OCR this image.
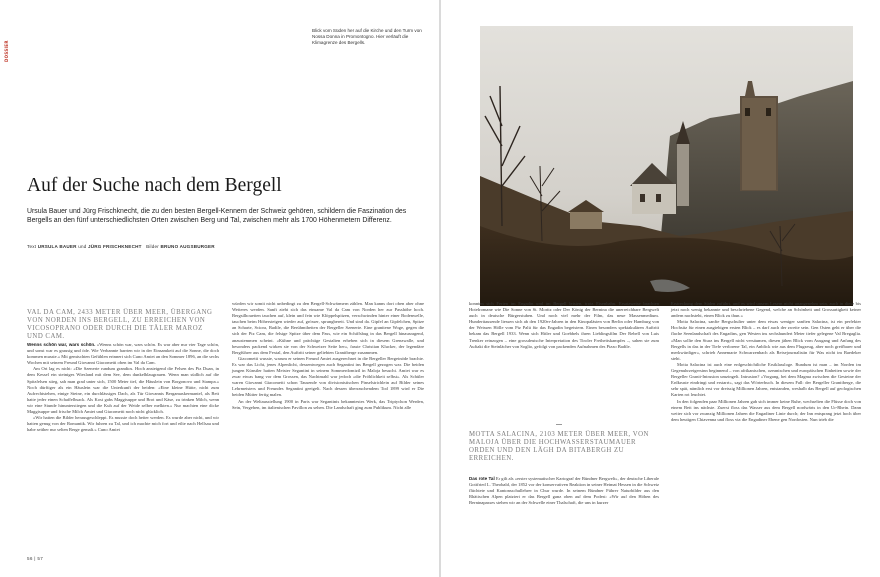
DOSSIER
Blick vom Süden her auf die Kirche und den Turm von Nossa Donna in Promontogno. Hier verläuft die Klimagrenze des Bergells.
Auf der Suche nach dem Bergell

Ursula Bauer und Jürg Frischknecht, die zu den besten Bergell-Kennern der Schweiz gehören, schildern die Faszination des Bergells an den fünf unterschiedlichsten Orten zwischen Berg und Tal, zwischen mehr als 1700 Höhenmetern Differenz.

Text URSULA BAUER und JÜRG FRISCHKNECHT Bilder BRUNO AUGSBURGER
VAL DA CAM, 2433 METER ÜBER MEER, ÜBERGANG VON NORDEN INS BERGELL, ZU ERREICHEN VON VICOSOPRANO ODER DURCH DIE TÄLER MAROZ UND CAM.

Wenns schön war, wars schön. «Wenns schön war, wars schön. Es war aber nur vier Tage schön, und sonst war es grausig und öde. Wie Verbannte harrten wir in der Einsamkeit auf die Sonne, die doch kommen musste.» Mit gemischten Gefühlen erinnert sich Cuno Amiet an den Sommer 1896, an die sechs Wochen mit seinem Freund Giovanni Giacometti oben im Val da Cam.

Am Ort lag es nicht: «Die Szenerie rundum grandios. Hoch ansteigend die Felsen des Piz Duan, in dem Kessel ein steiniges Wiesland mit dem See, dem dunkelblaugrauen. Wenn man südlich auf die Spitzfelsen stieg, sah man grad unter sich, 1500 Meter tief, die Häuslein von Borgonovo und Stampa.» Noch dürftiger als ein Häuslein war die Unterkunft der beiden: «Eine kleine Hütte, nicht zum Aufrechtstehen, einige Steine, ein durchlässiges Dach, als Tür Giovannis Bergamaskermantel, als Bett hatte jeder einen Schaffelbsack. Als Kost gabs Maggisuppe und Brot und Käse, zu trinken Milch, wenn wir eine Stunde hinunterstiegen und die Kuh auf der Weide selber melkten.» Nur machten eine dicke Maggisuppe und frische Milch Amiet und Giacometti noch nicht glücklich.

«Wir hatten die Bilder herausgeschleppt. Es musste doch heiter werden. Es wurde aber nicht, und wir hatten genug von der Romantik. Wir fuhren zu Tal, und ich machte mich fort und eilte nach Hellsau und habe seither nur selten Berge gemalt.» Cuno Amiet

würden wir somit nicht unbedingt zu den Bergell-Schwärmern zählen. Man kanns dort oben aber ohne Weiteres werden. Sanft zieht sich das einsame Val da Cam von Norden her zur Passhöhe hoch. Bergsilhouetten tauchen auf, klein und fein wie Klöppelspitzen, verschwinden hinter einer Bodenwelle, tauchen beim Höhersteigen wieder auf, grösser, sprungbereit. Und sind da. Gipfel an Gipfelchen, Spitze an Scharte, Sciora, Badile, die Berühmtheiten der Bergeller Szenerie. Eine granitene Woge, gegen die sich der Piz Cam, die felsige Spitze über dem Pass, wie ein Schiffsbug in das Bergell hinausragend, anzustemmen scheint. «Kühne und prächtige Gestalten erheben sich in diesem Grenzwalle, und besonders packend wirken sie von der Schweizer Seite her», fasste Christian Klucker, der legendäre Bergführer aus dem Fextal, den Auftritt seiner geliebten Granitberge zusammen.

Giacometti wusste, warum er seinen Freund Amiet ausgerechnet in die Bergeller Bergeinöde brachte. Es war das Licht, jenes Alpenlicht, dessentwegen auch Segantini ins Bergell gezogen war. Die beiden jungen Künstler hatten Meister Segantini in seinem Sommerdomizil in Maloja besucht. Amiet war es zwar etwas bang vor dem Grossen, das Nachtmahl war jedoch «die Fröhlichkeit selbst». Als Schüler waren Giovanni Giacometti schon Tausende von divisionistischen Pinselstrichlein auf Bilder seines Lehrmeisters und Freundes Segantini geeigelt. Nach dessen überraschendem Tod 1899 wird er Die beiden Mütter fertig malen.

An der Weltausstellung 1900 in Paris war Segantinis bekanntestes Werk, das Triptychon Werden, Sein, Vergehen, im italienischen Pavillon zu sehen. Die Landschaft ging zum Publikum. Nicht alle

56 | 57

konnten sich Ferien im Engadin und im Bergell leisten, trotz Eisenbahn. Ersatzweise brachten Hotelromane wie Die Sonne von St. Moritz oder Der König der Bernina die unerreichbare Bergwelt auch in deutsche Bürgerstuben. Und noch viel mehr der Film, das neue Massenmedium. Hunderttausende liessen sich ab den 1920er-Jahren in den Kinopalästen von Berlin oder Hamburg von der Weissen Hölle vom Piz Palü für das Engadin begeistern. Einen besonders spektakulären Auftritt bekam das Bergell 1933. Wenn sich Hitler und Goebbels ihren Lieblingsfilm Der Rebell von Luis Trenker reinzogen – eine grossdeutsche Interpretation des Tiroler Freiheitskampfes –, sahen sie zum Auftakt die Steinlächer von Soglio, gefolgt von packenden Aufnahmen des Pizzo Badile.

MOTTA SALACINA, 2103 METER ÜBER MEER, VON MALOJA ÜBER DIE HOCHWASSERSTAUMAUER ORDEN UND DEN LÄGH DA BITABERGH ZU ERREICHEN.

Das rote Tal Er gilt als «erster systematischer Kartograf der Bündner Bergwelt», der deutsche Liberale Gottfried L. Theobald, der 1852 vor der konservativen Reaktion in seiner Heimat Hessen in die Schweiz flüchtete und Kantonsschullehrer in Chur wurde. In seinem Bündner Führer Naturbilder aus den Rhätischen Alpen platziert er das Bergell ganz oben auf dem Podest: «Wir auf den Höhen des Berninapasses stehen wir an der Schwelle einer Thalschaft, die uns in kurzer

Erstreckung dem Süden zuführt, und es wird unsern Lesern nicht unangenehm sein, auch in diese bis jetzt noch wenig bekannte und beschriebene Gegend, welche an Schönheit und Grossartigkeit keiner andern nachsteht, einen Blick zu thun.»

Motta Salacina, sanfte Bergschulter unter dem etwas weniger sanften Salacina, ist ein perfekter Hochsitz für einen ausgiebigen ersten Blick – es darf auch der zweite sein. Gen Osten geht er über die flache Seenlandschaft des Engadins, gen Westen ins sechshundert Meter tiefer gelegene Val Bregaglia. «Man sollte den Sturz ins Bergell nicht versäumen, diesen jähen Blick vom Ausgang und Anfang des Bergells in das in der Tiefe verlorene Tal, ein Anblick wie aus dem Flugzeug, aber noch greifbarer und merkwürdiger», schrieb Annemarie Schwarzenbach als Reisejournalistin für Was nicht im Baedeker steht.

Motta Salacina ist auch eine erdgeschichtliche Erstklassloge. Rundum ist man – im Norden im Gegenuhrzeigersinn beginnend – von afrikanischen, ozeanischen und europäischen Einheiten sowie der Bergeller Granit-Intrusion umzingelt. Intrusion? «Vorgang, bei dem Magma zwischen die Gesteine der Erdkruste eindringt und erstarrt», sagt das Wörterbuch. In diesem Fall: der Bergeller Granitberge, die sehr spät, nämlich erst vor dreissig Millionen Jahren, entstanden, weshalb das Bergell auf geologischen Karten rot leuchtet.

In den folgenden paar Millionen Jahren gab sich immer keine Ruhe, wechselten die Flüsse doch von einem Bett ins nächste. Zuerst floss das Wasser aus dem Bergell nordwärts in den Ur-Rhein. Dann weiter sich vor zwanzig Millionen Jahren die Engadiner Linie durch; der Inn entsprang jetzt hoch über dem heutigen Chiavenna und floss via die Engadiner Ebene gen Nordosten. Nun trieb die
